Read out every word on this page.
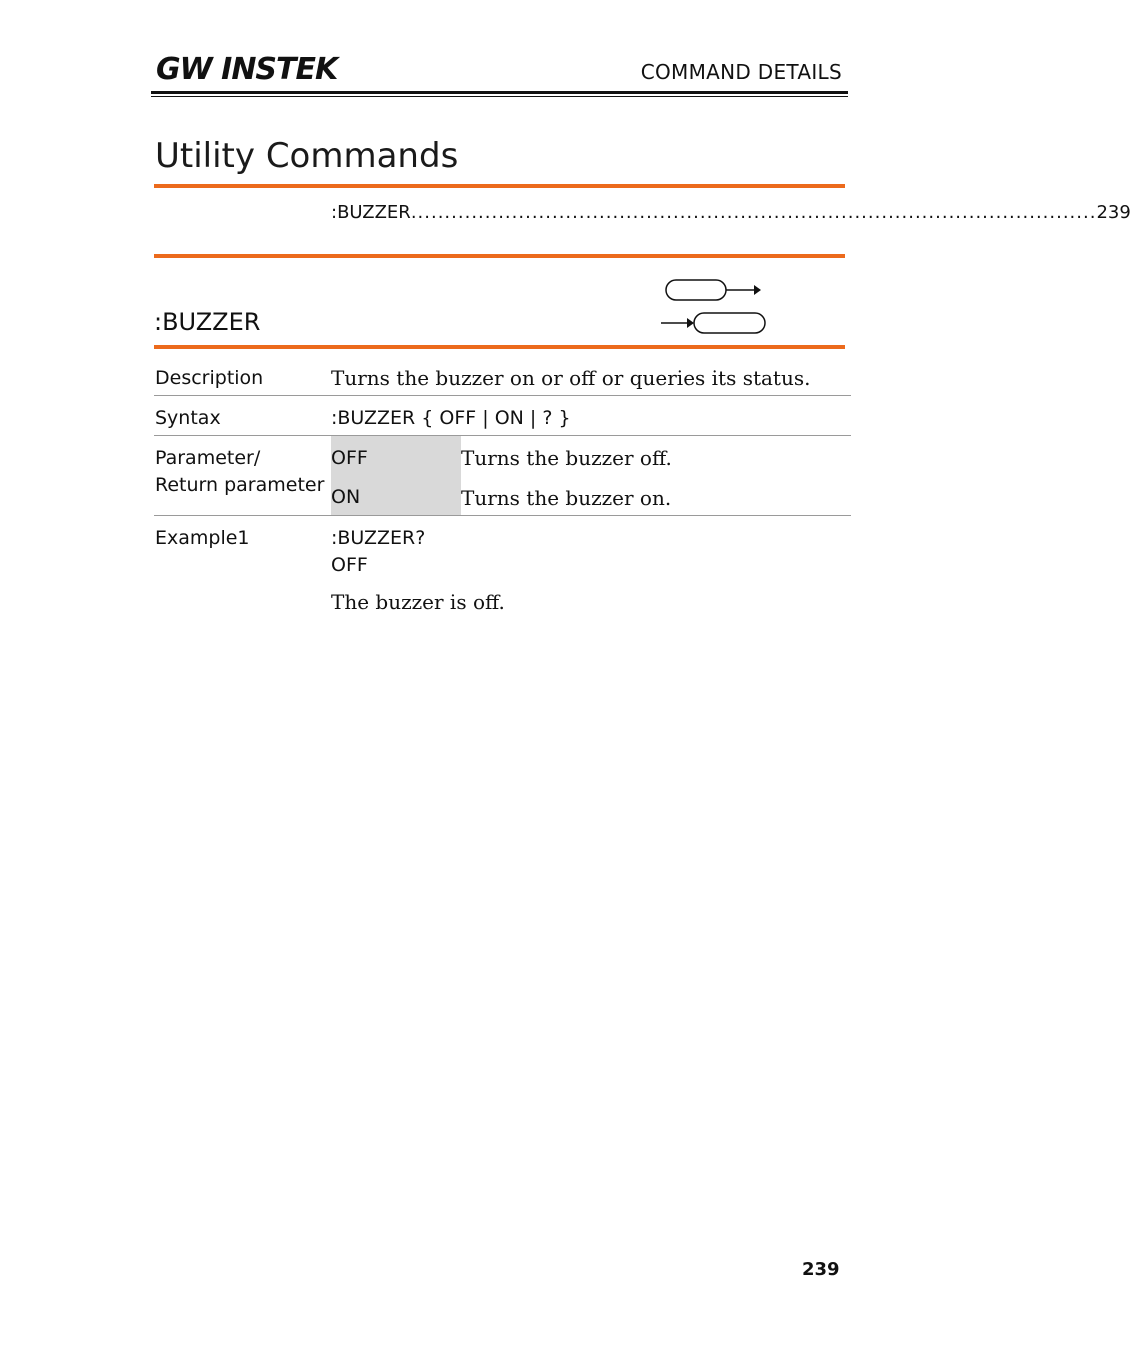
GW INSTEK	COMMAND DETAILS
Utility Commands
:BUZZER ...................................................................................................... 239
:BUZZER
Description	Turns the buzzer on or off or queries its status.
Syntax	:BUZZER { OFF | ON | ? }
Parameter/
Return parameter
OFF	Turns the buzzer off.
ON	Turns the buzzer on.
Example1	:BUZZER?
OFF
The buzzer is off.
239
